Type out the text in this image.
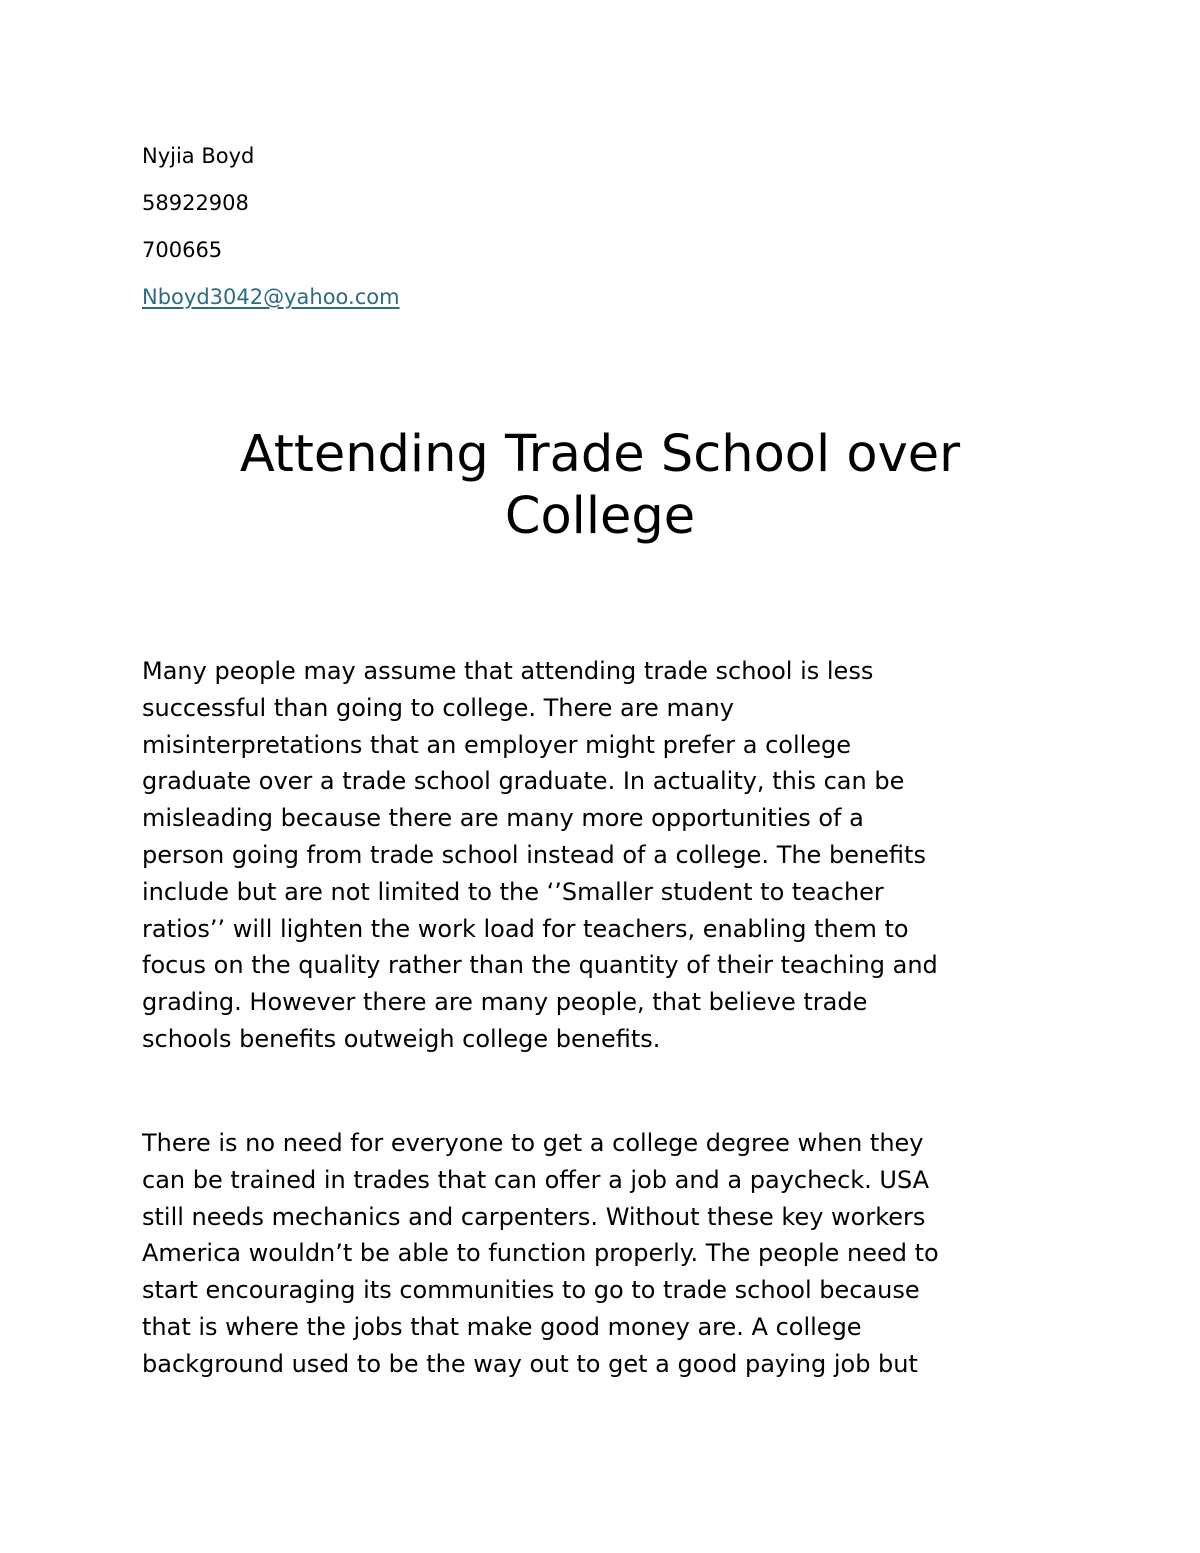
Nyjia Boyd
58922908
700665
Nboyd3042@yahoo.com
Attending Trade School over
College
Many people may assume that attending trade school is less
successful than going to college. There are many
misinterpretations that an employer might prefer a college
graduate over a trade school graduate. In actuality, this can be
misleading because there are many more opportunities of a
person going from trade school instead of a college. The benefits
include but are not limited to the ‘’Smaller student to teacher
ratios’’ will lighten the work load for teachers, enabling them to
focus on the quality rather than the quantity of their teaching and
grading. However there are many people, that believe trade
schools benefits outweigh college benefits.
There is no need for everyone to get a college degree when they
can be trained in trades that can offer a job and a paycheck. USA
still needs mechanics and carpenters. Without these key workers
America wouldn’t be able to function properly. The people need to
start encouraging its communities to go to trade school because
that is where the jobs that make good money are. A college
background used to be the way out to get a good paying job but
